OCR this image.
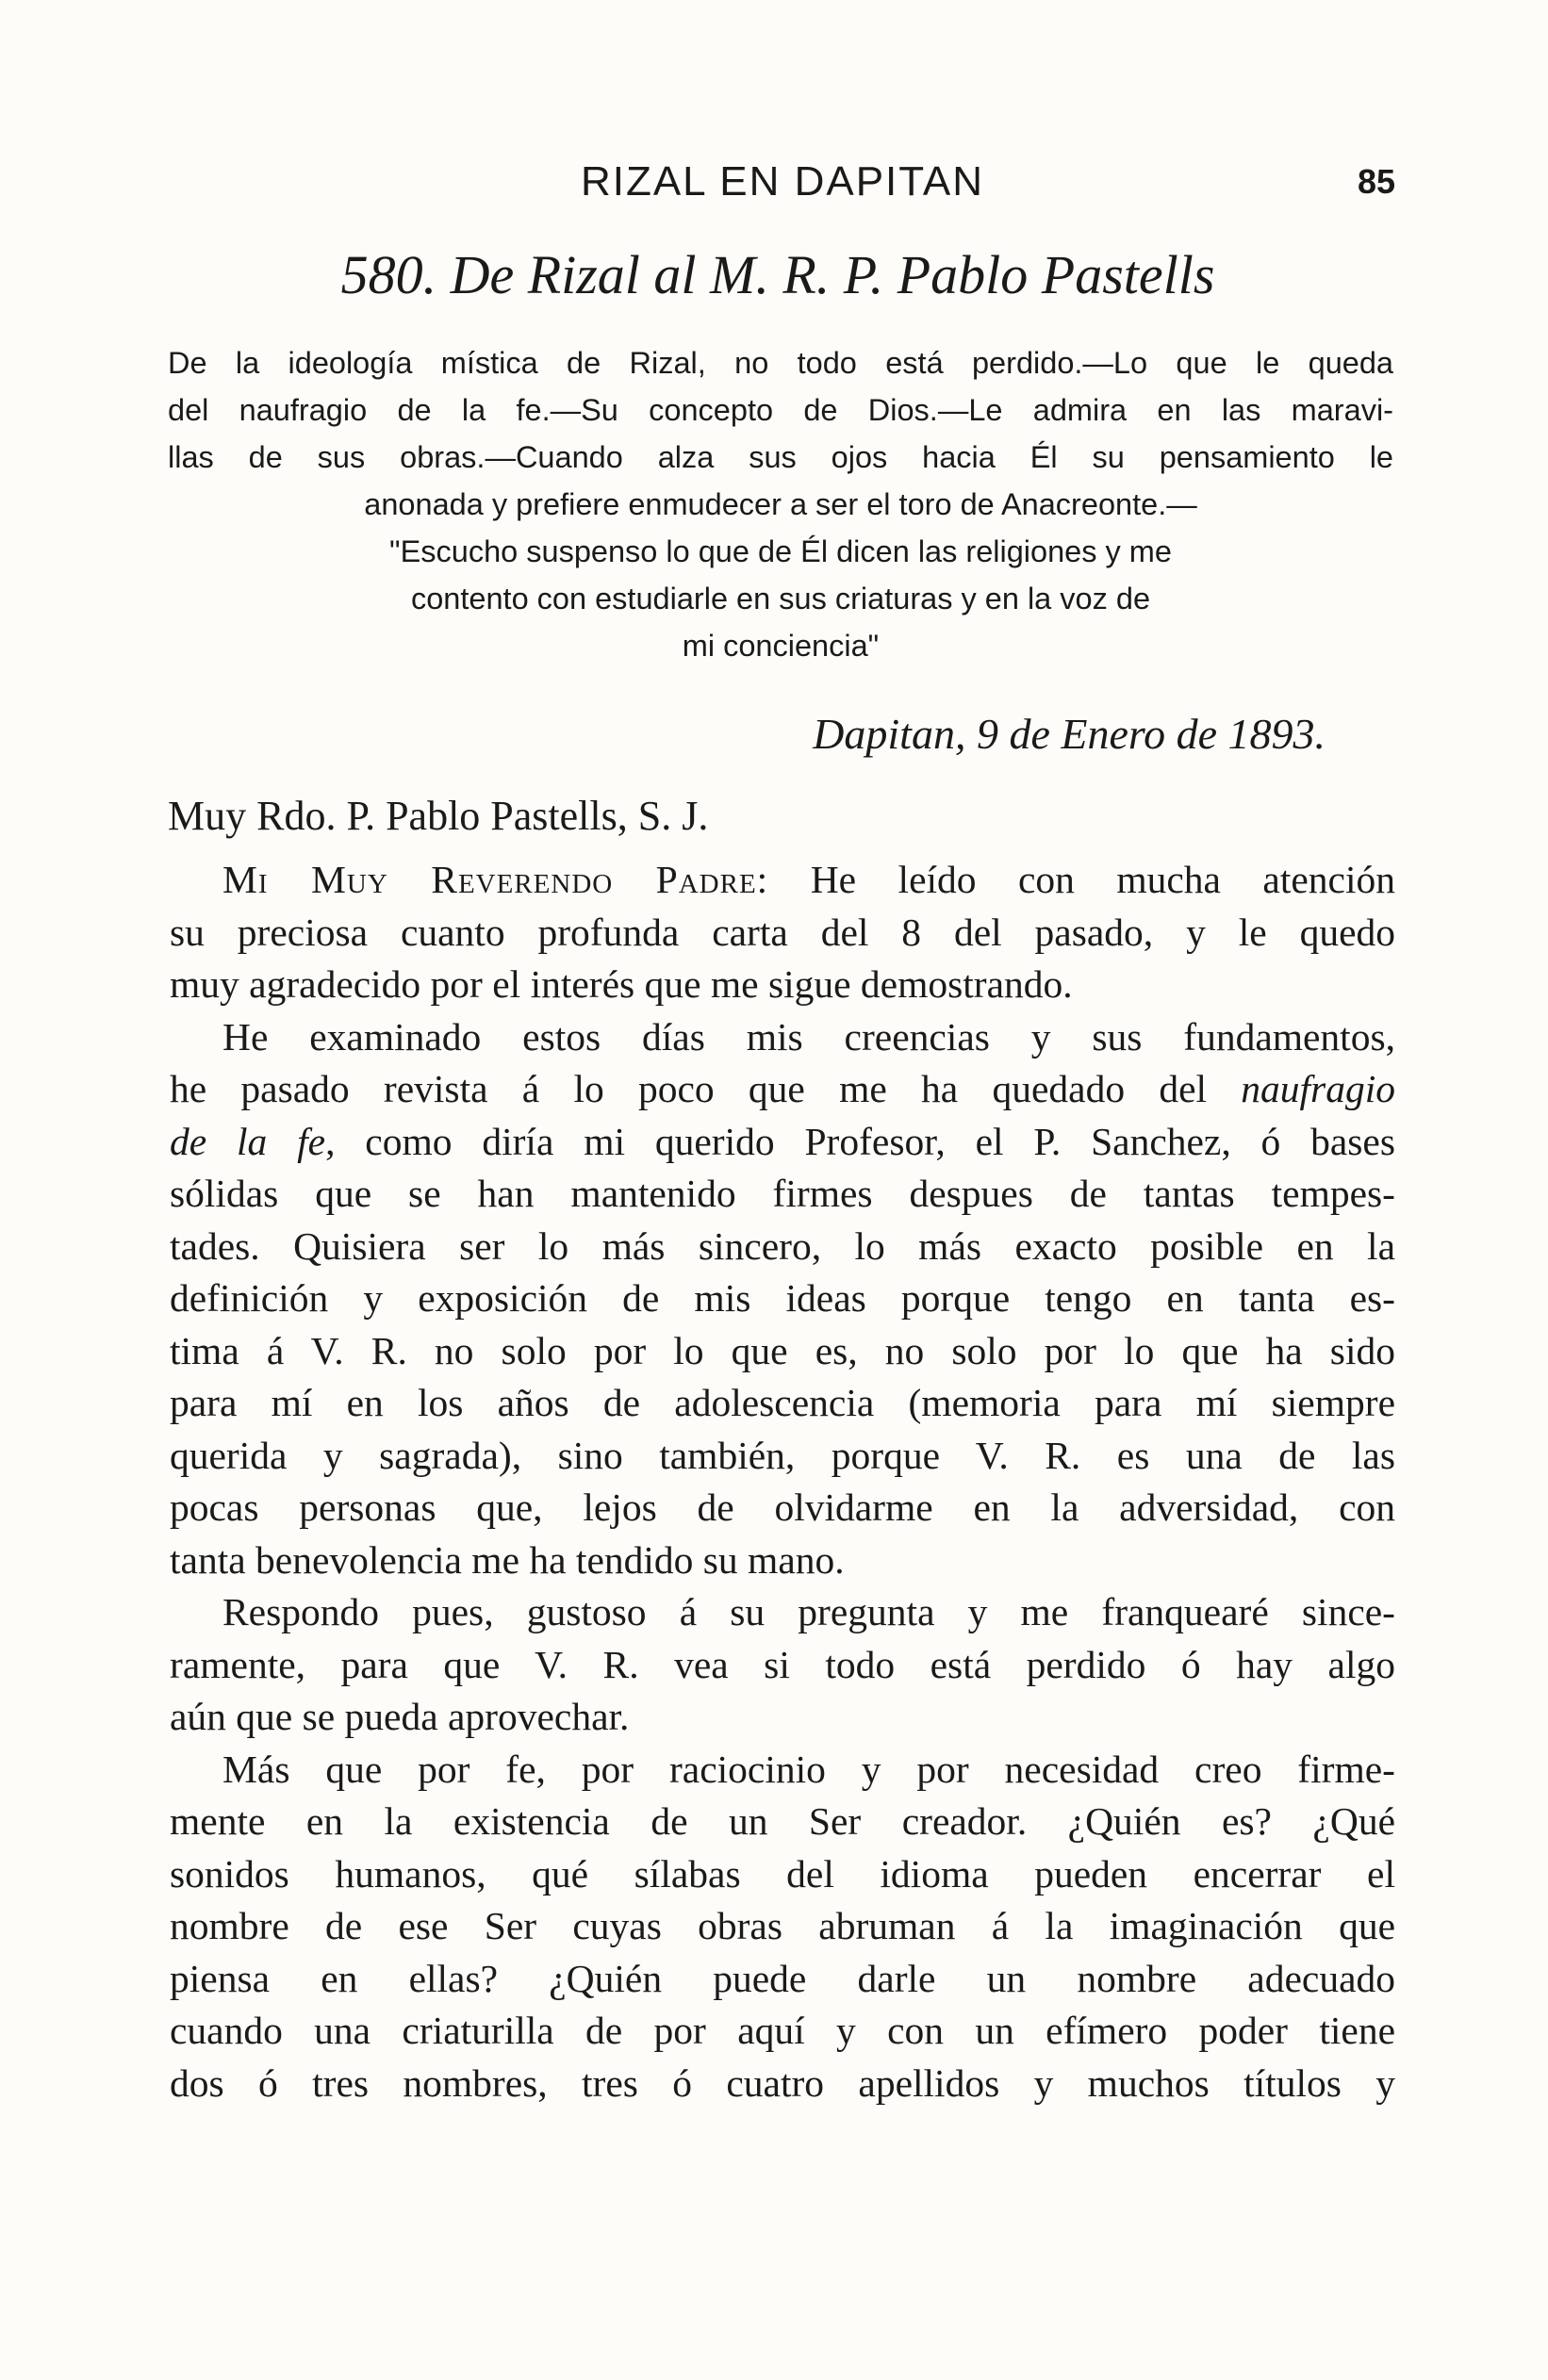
RIZAL EN DAPITAN	85
580. De Rizal al M. R. P. Pablo Pastells
De la ideología mística de Rizal, no todo está perdido.—Lo que le queda
del naufragio de la fe.—Su concepto de Dios.—Le admira en las maravi-
llas de sus obras.—Cuando alza sus ojos hacia Él su pensamiento le
anonada y prefiere enmudecer a ser el toro de Anacreonte.—
"Escucho suspenso lo que de Él dicen las religiones y me
contento con estudiarle en sus criaturas y en la voz de
mi conciencia"
Dapitan, 9 de Enero de 1893.
Muy Rdo. P. Pablo Pastells, S. J.
Mi Muy Reverendo Padre: He leído con mucha atención
su preciosa cuanto profunda carta del 8 del pasado, y le quedo
muy agradecido por el interés que me sigue demostrando.
He examinado estos días mis creencias y sus fundamentos,
he pasado revista á lo poco que me ha quedado del naufragio
de la fe, como diría mi querido Profesor, el P. Sanchez, ó bases
sólidas que se han mantenido firmes despues de tantas tempes-
tades. Quisiera ser lo más sincero, lo más exacto posible en la
definición y exposición de mis ideas porque tengo en tanta es-
tima á V. R. no solo por lo que es, no solo por lo que ha sido
para mí en los años de adolescencia (memoria para mí siempre
querida y sagrada), sino también, porque V. R. es una de las
pocas personas que, lejos de olvidarme en la adversidad, con
tanta benevolencia me ha tendido su mano.
Respondo pues, gustoso á su pregunta y me franquearé since-
ramente, para que V. R. vea si todo está perdido ó hay algo
aún que se pueda aprovechar.
Más que por fe, por raciocinio y por necesidad creo firme-
mente en la existencia de un Ser creador. ¿Quién es? ¿Qué
sonidos humanos, qué sílabas del idioma pueden encerrar el
nombre de ese Ser cuyas obras abruman á la imaginación que
piensa en ellas? ¿Quién puede darle un nombre adecuado
cuando una criaturilla de por aquí y con un efímero poder tiene
dos ó tres nombres, tres ó cuatro apellidos y muchos títulos y
